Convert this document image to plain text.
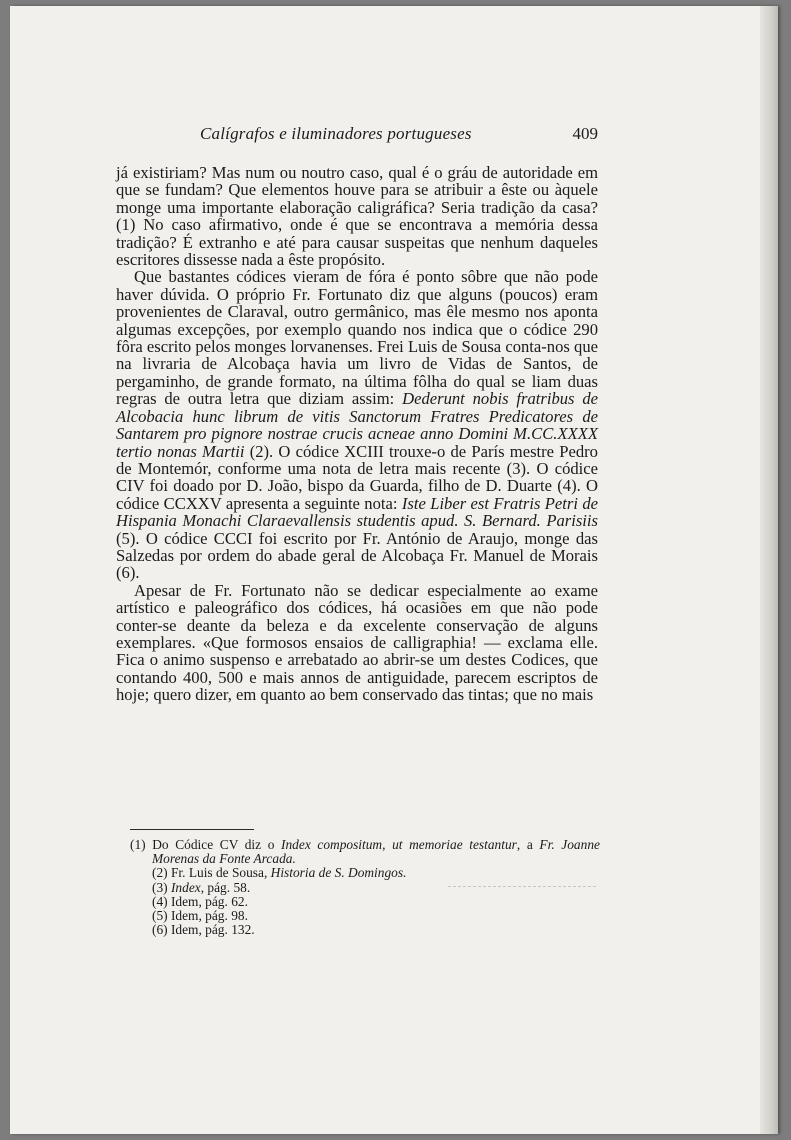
Calígrafos e iluminadores portugueses	409

já existiriam? Mas num ou noutro caso, qual é o gráu de autoridade em que se fundam? Que elementos houve para se atribuir a êste ou àquele monge uma importante elaboração caligráfica? Seria tradição da casa? (1) No caso afirmativo, onde é que se encontrava a memória dessa tradição? É extranho e até para causar suspeitas que nenhum daqueles escritores dissesse nada a êste propósito.

Que bastantes códices vieram de fóra é ponto sôbre que não pode haver dúvida. O próprio Fr. Fortunato diz que alguns (poucos) eram provenientes de Claraval, outro germânico, mas êle mesmo nos aponta algumas excepções, por exemplo quando nos indica que o códice 290 fôra escrito pelos monges lorvanenses. Frei Luis de Sousa conta-nos que na livraria de Alcobaça havia um livro de Vidas de Santos, de pergaminho, de grande formato, na última fôlha do qual se liam duas regras de outra letra que diziam assim: Dederunt nobis fratribus de Alcobacia hunc librum de vitis Sanctorum Fratres Predicatores de Santarem pro pignore nostrae crucis acneae anno Domini M.CC.XXXX tertio nonas Martii (2). O códice XCIII trouxe-o de París mestre Pedro de Montemór, conforme uma nota de letra mais recente (3). O códice CIV foi doado por D. João, bispo da Guarda, filho de D. Duarte (4). O códice CCXXV apresenta a seguinte nota: Iste Liber est Fratris Petri de Hispania Monachi Claraevallensis studentis apud. S. Bernard. Parisiis (5). O códice CCCI foi escrito por Fr. António de Araujo, monge das Salzedas por ordem do abade geral de Alcobaça Fr. Manuel de Morais (6).

Apesar de Fr. Fortunato não se dedicar especialmente ao exame artístico e paleográfico dos códices, há ocasiões em que não pode conter-se deante da beleza e da excelente conservação de alguns exemplares. «Que formosos ensaios de calligraphia! — exclama elle. Fica o animo suspenso e arrebatado ao abrir-se um destes Codices, que contando 400, 500 e mais annos de antiguidade, parecem escriptos de hoje; quero dizer, em quanto ao bem conservado das tintas; que no mais

(1) Do Códice CV diz o Index compositum, ut memoriae testantur, a Fr. Joanne Morenas da Fonte Arcada.

(2) Fr. Luis de Sousa, Historia de S. Domingos.

(3) Index, pág. 58.

(4) Idem, pág. 62.

(5) Idem, pág. 98.

(6) Idem, pág. 132.
